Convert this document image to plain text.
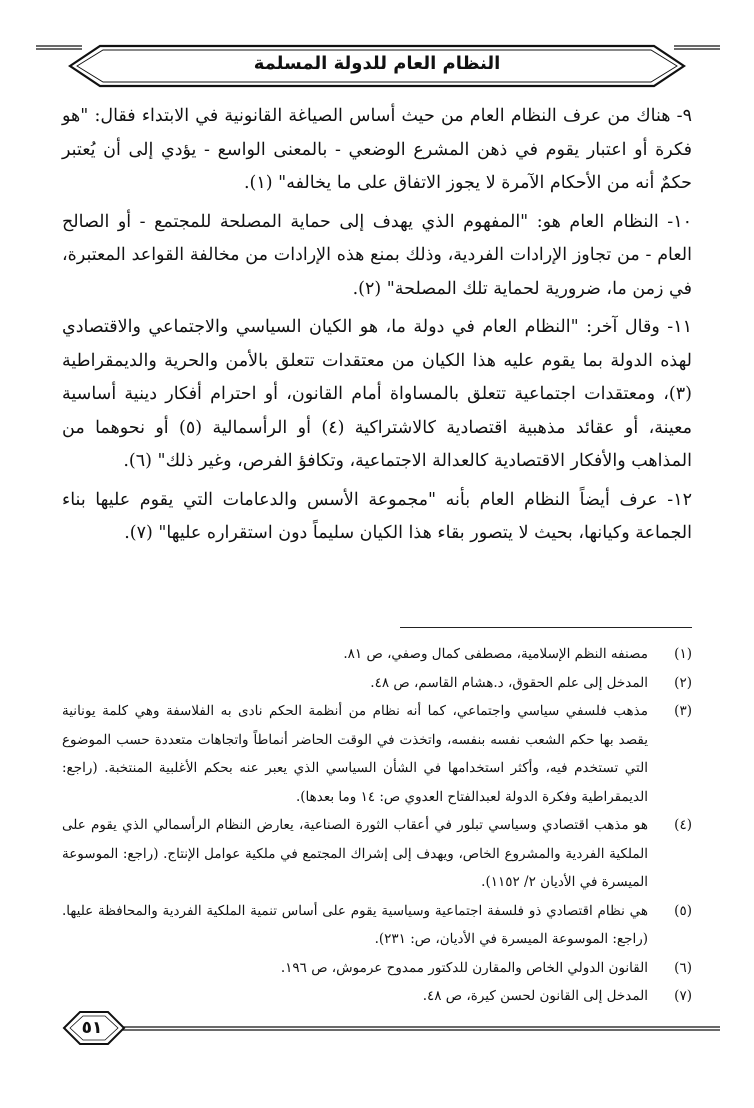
النظام العام للدولة المسلمة

٩- هناك من عرف النظام العام من حيث أساس الصياغة القانونية في الابتداء فقال: "هو فكرة أو اعتبار يقوم في ذهن المشرع الوضعي - بالمعنى الواسع - يؤدي إلى أن يُعتبر حكمٌ أنه من الأحكام الآمرة لا يجوز الاتفاق على ما يخالفه" (١).

١٠- النظام العام هو: "المفهوم الذي يهدف إلى حماية المصلحة للمجتمع - أو الصالح العام - من تجاوز الإرادات الفردية، وذلك بمنع هذه الإرادات من مخالفة القواعد المعتبرة، في زمن ما، ضرورية لحماية تلك المصلحة" (٢).

١١- وقال آخر: "النظام العام في دولة ما، هو الكيان السياسي والاجتماعي والاقتصادي لهذه الدولة بما يقوم عليه هذا الكيان من معتقدات تتعلق بالأمن والحرية والديمقراطية (٣)، ومعتقدات اجتماعية تتعلق بالمساواة أمام القانون، أو احترام أفكار دينية أساسية معينة، أو عقائد مذهبية اقتصادية كالاشتراكية (٤) أو الرأسمالية (٥) أو نحوهما من المذاهب والأفكار الاقتصادية كالعدالة الاجتماعية، وتكافؤ الفرص، وغير ذلك" (٦).

١٢- عرف أيضاً النظام العام بأنه "مجموعة الأسس والدعامات التي يقوم عليها بناء الجماعة وكيانها، بحيث لا يتصور بقاء هذا الكيان سليماً دون استقراره عليها" (٧).

(١)
مصنفه النظم الإسلامية، مصطفى كمال وصفي، ص ٨١.
(٢)
المدخل إلى علم الحقوق، د.هشام القاسم، ص ٤٨.
(٣)
مذهب فلسفي سياسي واجتماعي، كما أنه نظام من أنظمة الحكم نادى به الفلاسفة وهي كلمة يونانية يقصد بها حكم الشعب نفسه بنفسه، واتخذت في الوقت الحاضر أنماطاً واتجاهات متعددة حسب الموضوع التي تستخدم فيه، وأكثر استخدامها في الشأن السياسي الذي يعبر عنه بحكم الأغلبية المنتخبة. (راجع: الديمقراطية وفكرة الدولة لعبدالفتاح العدوي ص: ١٤ وما بعدها).
(٤)
هو مذهب اقتصادي وسياسي تبلور في أعقاب الثورة الصناعية، يعارض النظام الرأسمالي الذي يقوم على الملكية الفردية والمشروع الخاص، ويهدف إلى إشراك المجتمع في ملكية عوامل الإنتاج. (راجع: الموسوعة الميسرة في الأديان ٢/ ١١٥٢).
(٥)
هي نظام اقتصادي ذو فلسفة اجتماعية وسياسية يقوم على أساس تنمية الملكية الفردية والمحافظة عليها. (راجع: الموسوعة الميسرة في الأديان، ص: ٢٣١).
(٦)
القانون الدولي الخاص والمقارن للدكتور ممدوح عرموش، ص ١٩٦.
(٧)
المدخل إلى القانون لحسن كيرة، ص ٤٨.
٥١
